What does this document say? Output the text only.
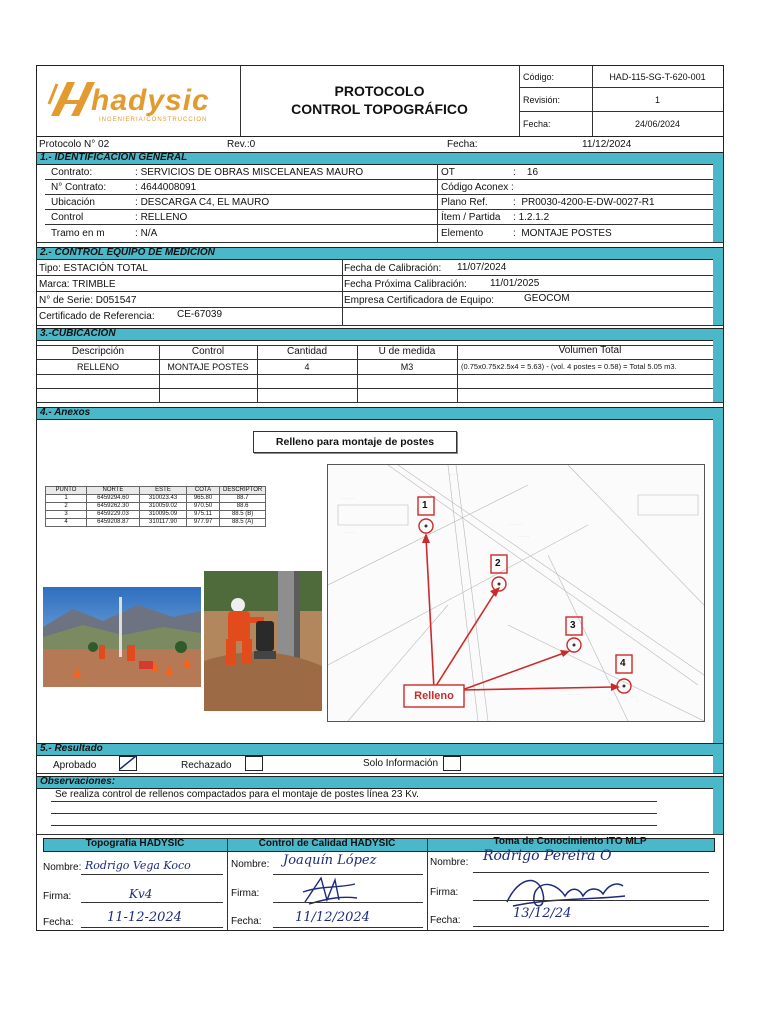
hadysic
INGENIERIA/CONSTRUCCION
PROTOCOLO
CONTROL TOPOGRÁFICO
Código:	HAD-115-SG-T-620-001
Revisión:	1
Fecha:	24/06/2024
Protocolo N° 02	Rev.:0	Fecha:	11/12/2024
1.- IDENTIFICACION GENERAL
Contrato:	: SERVICIOS DE OBRAS MISCELANEAS MAURO
N° Contrato:	: 4644008091
Ubicación	: DESCARGA C4, EL MAURO
Control	: RELLENO
Tramo en m	: N/A
OT	:    16
Código Aconex :
Plano Ref.	:  PR0030-4200-E-DW-0027-R1
Ítem / Partida : 1.2.1.2
Elemento	:  MONTAJE POSTES
2.- CONTROL EQUIPO DE MEDICION
Tipo: ESTACIÓN TOTAL
Marca: TRIMBLE
N° de Serie: D051547
Certificado de Referencia: CE-67039
Fecha de Calibración: 11/07/2024
Fecha Próxima Calibración: 11/01/2025
Empresa Certificadora de Equipo:	GEOCOM
3.-CUBICACION
Descripción	Control	Cantidad	U de medida	Volumen Total
RELLENO	MONTAJE POSTES	4	M3	(0.75x0.75x2.5x4 = 5.63) - (vol. 4 postes = 0.58) = Total 5.05 m3.
4.- Anexos
Relleno para montaje de postes
PUNTO	NORTE	ESTE	COTA	DESCRIPTOR
1	6459294.60	310023.43	965.80	88.7
2	6459262.30	310059.02	970.50	88.6
3	6459229.03	310095.09	975.11	88.5 (B)
4	6459208.87	310117.90	977.97	88.5 (A)
. . . . . . . .
. . . . . .
. . . . . . . .
. . . . . .
. . . . . . . .
. . . . . .
1
2
3
4
Relleno
5.- Resultado
Aprobado	Rechazado	Solo Información
Observaciones:
Se realiza control de rellenos compactados para el montaje de postes línea 23 Kv.
Topografía HADYSIC	Control de Calidad HADYSIC	Toma de Conocimiento ITO MLP
Nombre: Rodrigo Vega Koco
Firma:	Kv4
Fecha:	11-12-2024
Nombre: Joaquín López
Firma:
Fecha:	11/12/2024
Nombre: Rodrigo Pereira O
Firma:
Fecha:	13/12/24
